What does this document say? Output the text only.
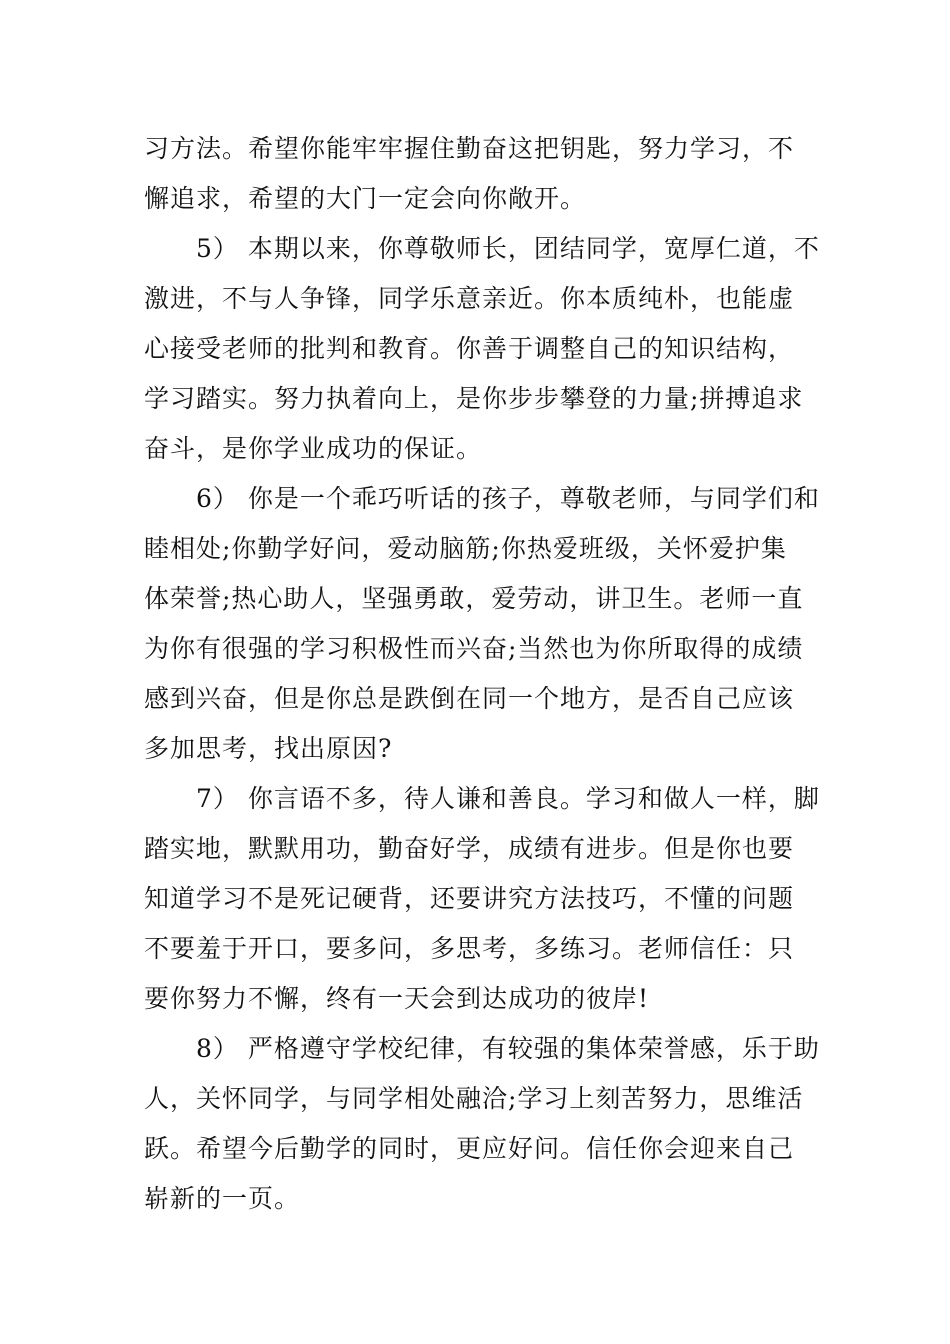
习方法。希望你能牢牢握住勤奋这把钥匙，努力学习，不
懈追求，希望的大门一定会向你敞开。
5） 本期以来，你尊敬师长，团结同学，宽厚仁道，不
激进，不与人争锋，同学乐意亲近。你本质纯朴，也能虚
心接受老师的批判和教育。你善于调整自己的知识结构，
学习踏实。努力执着向上，是你步步攀登的力量;拼搏追求
奋斗，是你学业成功的保证。
6） 你是一个乖巧听话的孩子，尊敬老师，与同学们和
睦相处;你勤学好问，爱动脑筋;你热爱班级，关怀爱护集
体荣誉;热心助人，坚强勇敢，爱劳动，讲卫生。老师一直
为你有很强的学习积极性而兴奋;当然也为你所取得的成绩
感到兴奋，但是你总是跌倒在同一个地方，是否自己应该
多加思考，找出原因?
7） 你言语不多，待人谦和善良。学习和做人一样，脚
踏实地，默默用功，勤奋好学，成绩有进步。但是你也要
知道学习不是死记硬背，还要讲究方法技巧，不懂的问题
不要羞于开口，要多问，多思考，多练习。老师信任：只
要你努力不懈，终有一天会到达成功的彼岸!
8） 严格遵守学校纪律，有较强的集体荣誉感，乐于助
人，关怀同学，与同学相处融洽;学习上刻苦努力，思维活
跃。希望今后勤学的同时，更应好问。信任你会迎来自己
崭新的一页。
